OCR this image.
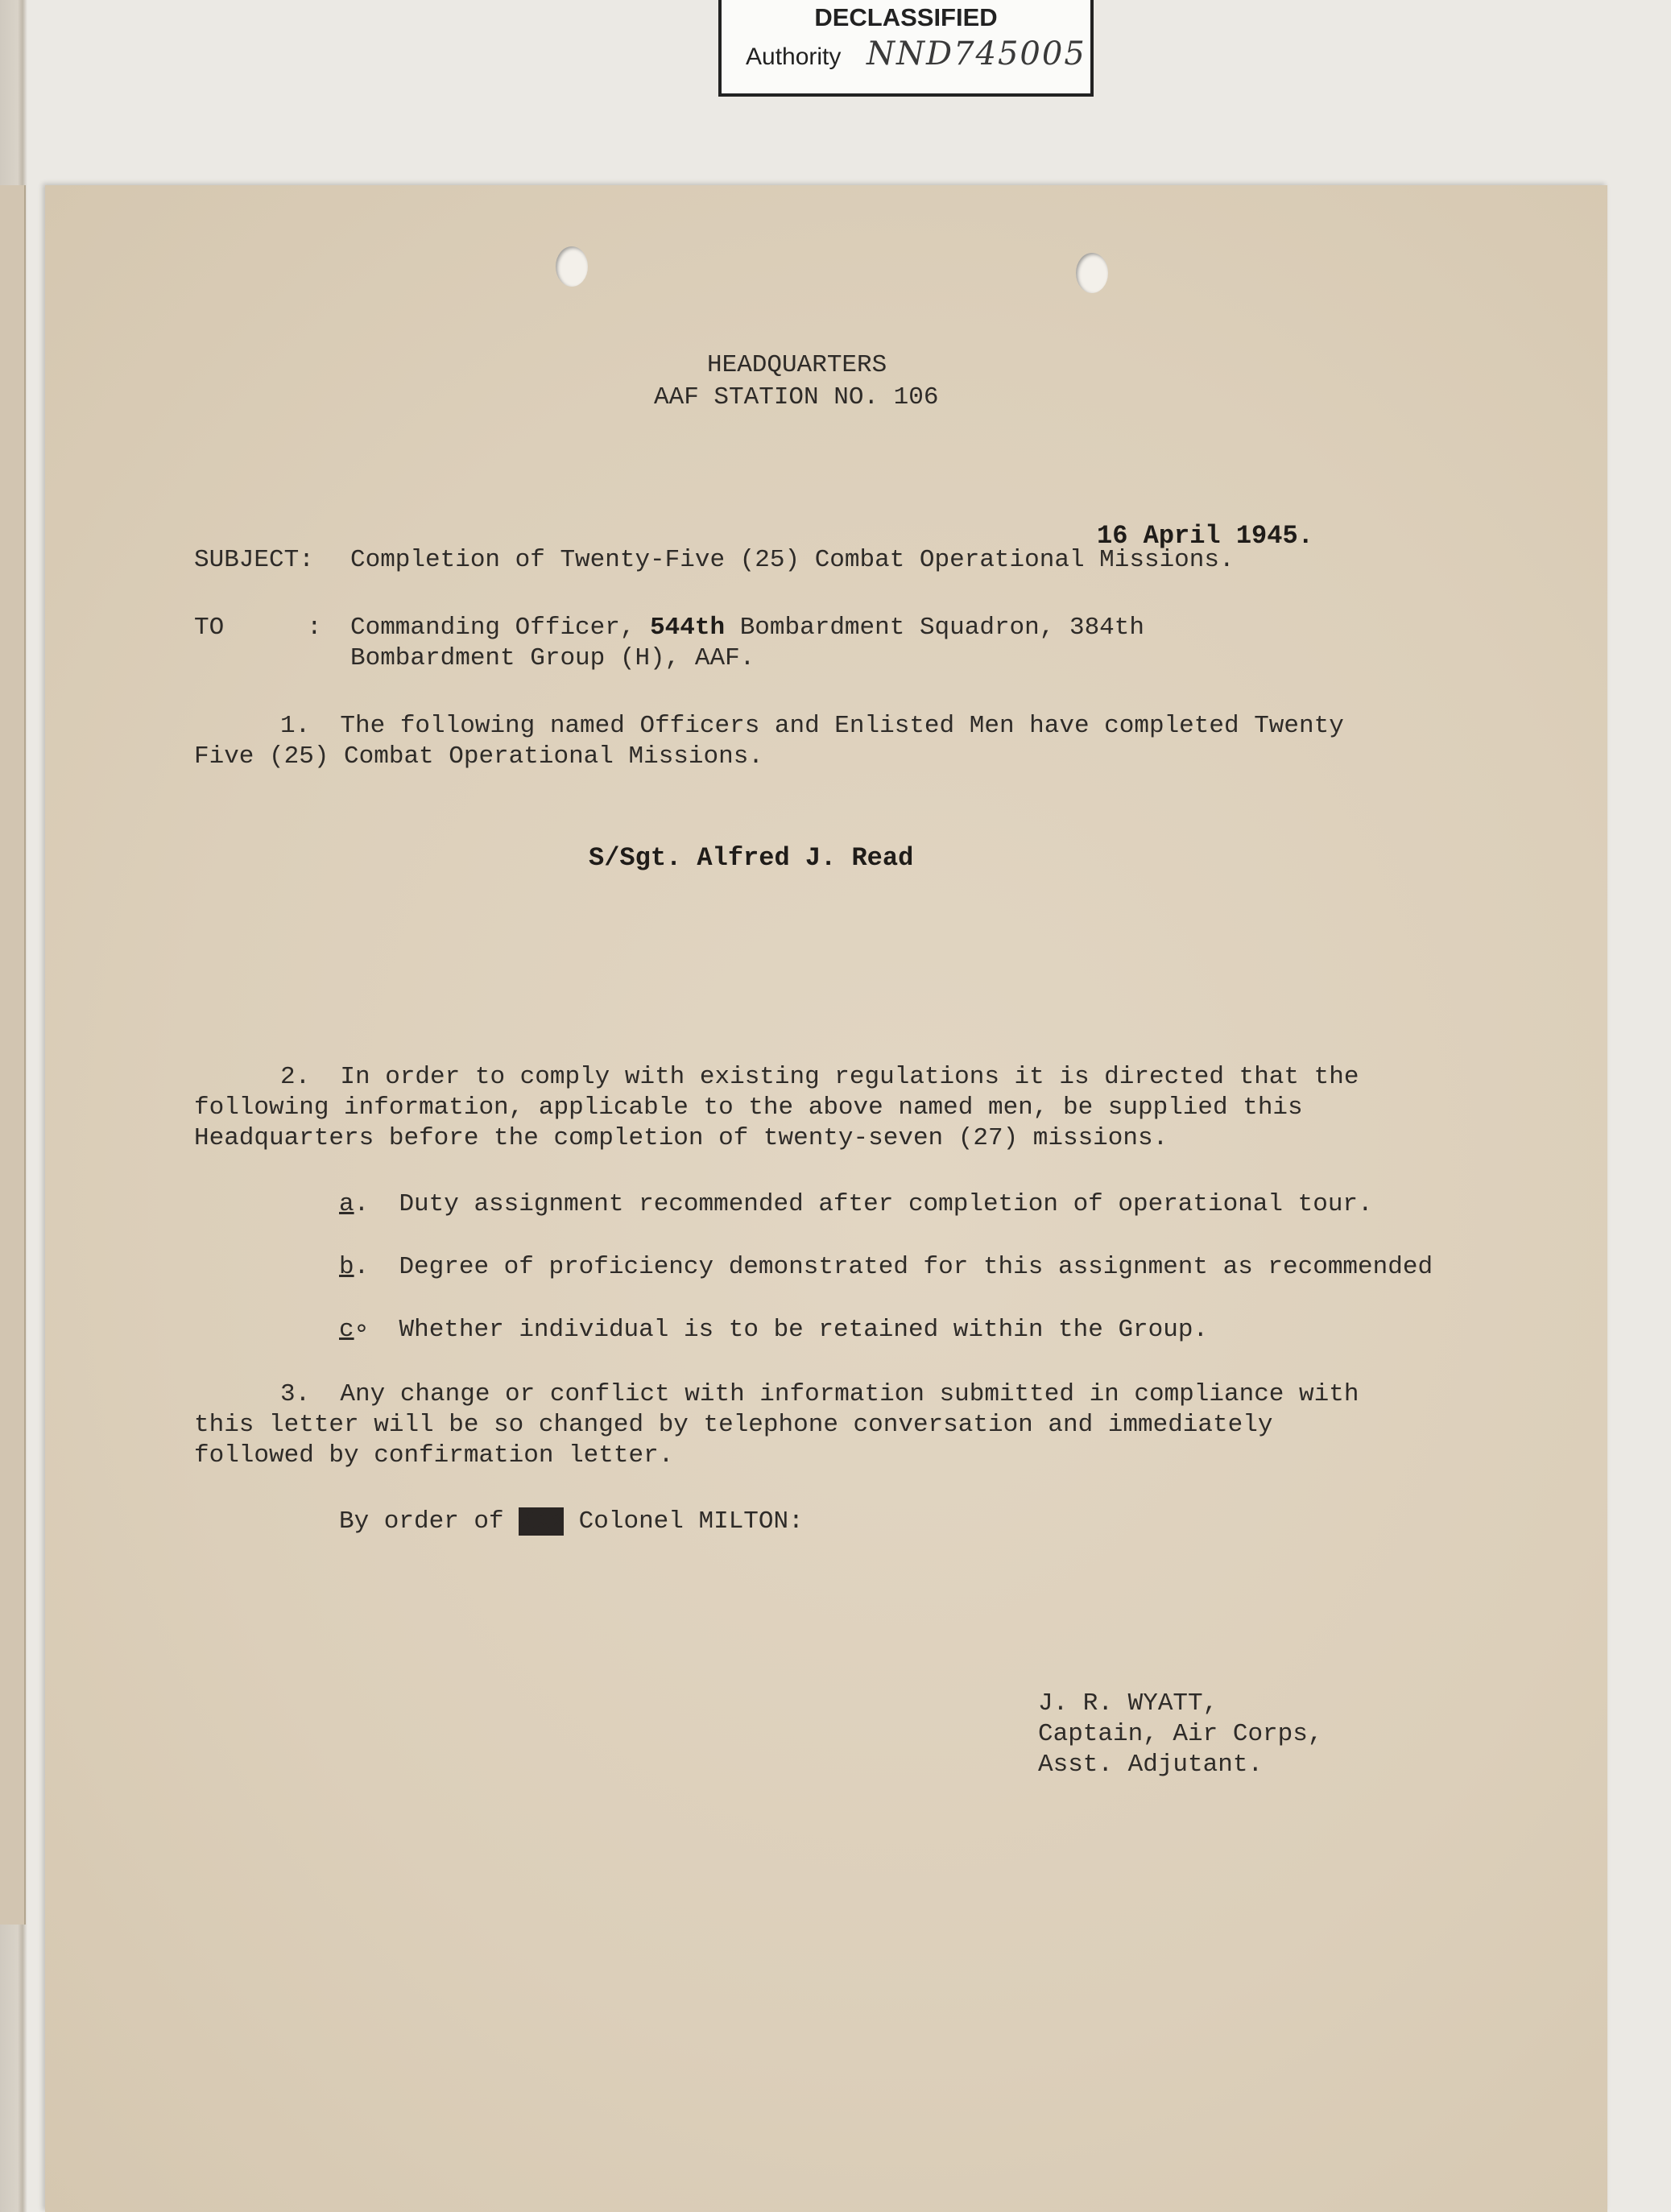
DECLASSIFIED
Authority NND745005
HEADQUARTERS
AAF STATION NO. 106
16 April 1945.
SUBJECT: Completion of Twenty-Five (25) Combat Operational Missions.
TO	: Commanding Officer, 544th Bombardment Squadron, 384th
Bombardment Group (H), AAF.
1.  The following named Officers and Enlisted Men have completed Twenty
Five (25) Combat Operational Missions.
S/Sgt. Alfred J. Read
2.  In order to comply with existing regulations it is directed that the
following information, applicable to the above named men, be supplied this
Headquarters before the completion of twenty-seven (27) missions.
a. Duty assignment recommended after completion of operational tour.
b. Degree of proficiency demonstrated for this assignment as recommended
c∘ Whether individual is to be retained within the Group.
3.  Any change or conflict with information submitted in compliance with
this letter will be so changed by telephone conversation and immediately
followed by confirmation letter.
By order of XXX Colonel MILTON:
J. R. WYATT,
Captain, Air Corps,
Asst. Adjutant.
